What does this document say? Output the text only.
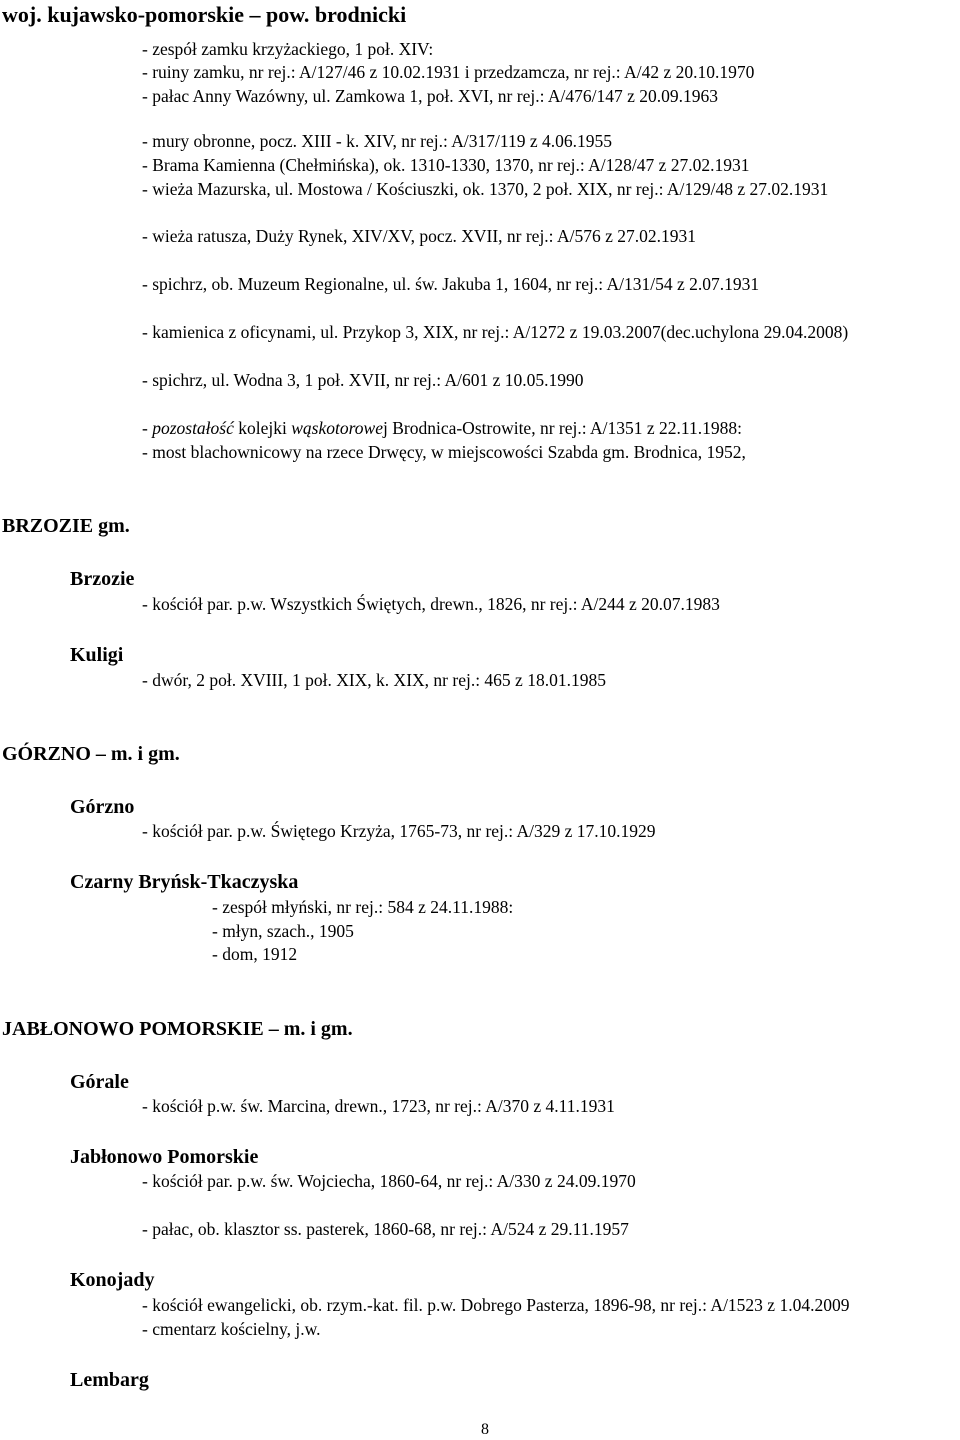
woj. kujawsko-pomorskie – pow. brodnicki
- zespół zamku krzyżackiego, 1 poł. XIV:
- ruiny zamku, nr rej.: A/127/46 z 10.02.1931 i przedzamcza, nr rej.: A/42 z 20.10.1970
- pałac Anny Wazówny, ul. Zamkowa 1, poł. XVI, nr rej.: A/476/147 z 20.09.1963
- mury obronne, pocz. XIII - k. XIV, nr rej.: A/317/119 z 4.06.1955
- Brama Kamienna (Chełmińska), ok. 1310-1330, 1370, nr rej.: A/128/47 z 27.02.1931
- wieża Mazurska, ul. Mostowa / Kościuszki, ok. 1370, 2 poł. XIX, nr rej.: A/129/48 z 27.02.1931
- wieża ratusza, Duży Rynek, XIV/XV, pocz. XVII, nr rej.: A/576 z 27.02.1931
- spichrz, ob. Muzeum Regionalne, ul. św. Jakuba 1, 1604, nr rej.: A/131/54 z 2.07.1931
- kamienica z oficynami, ul. Przykop 3, XIX, nr rej.: A/1272 z 19.03.2007(dec.uchylona 29.04.2008)
- spichrz, ul. Wodna 3, 1 poł. XVII, nr rej.: A/601 z 10.05.1990
- pozostałość kolejki wąskotorowej Brodnica-Ostrowite, nr rej.: A/1351 z 22.11.1988:
- most blachownicowy na rzece Drwęcy, w miejscowości Szabda gm. Brodnica, 1952,
BRZOZIE gm.
Brzozie
- kościół par. p.w. Wszystkich Świętych, drewn., 1826, nr rej.: A/244 z 20.07.1983
Kuligi
- dwór, 2 poł. XVIII, 1 poł. XIX, k. XIX, nr rej.: 465 z 18.01.1985
GÓRZNO – m. i gm.
Górzno
- kościół par. p.w. Świętego Krzyża, 1765-73, nr rej.: A/329 z 17.10.1929
Czarny Bryńsk-Tkaczyska
- zespół młyński, nr rej.: 584 z 24.11.1988:
- młyn, szach., 1905
- dom, 1912
JABŁONOWO POMORSKIE – m. i gm.
Górale
- kościół p.w. św. Marcina, drewn., 1723, nr rej.: A/370 z 4.11.1931
Jabłonowo Pomorskie
- kościół par. p.w. św. Wojciecha, 1860-64, nr rej.: A/330 z 24.09.1970
- pałac, ob. klasztor ss. pasterek, 1860-68, nr rej.: A/524 z 29.11.1957
Konojady
- kościół ewangelicki, ob. rzym.-kat. fil. p.w. Dobrego Pasterza, 1896-98, nr rej.: A/1523 z 1.04.2009
- cmentarz kościelny, j.w.
Lembarg
8
